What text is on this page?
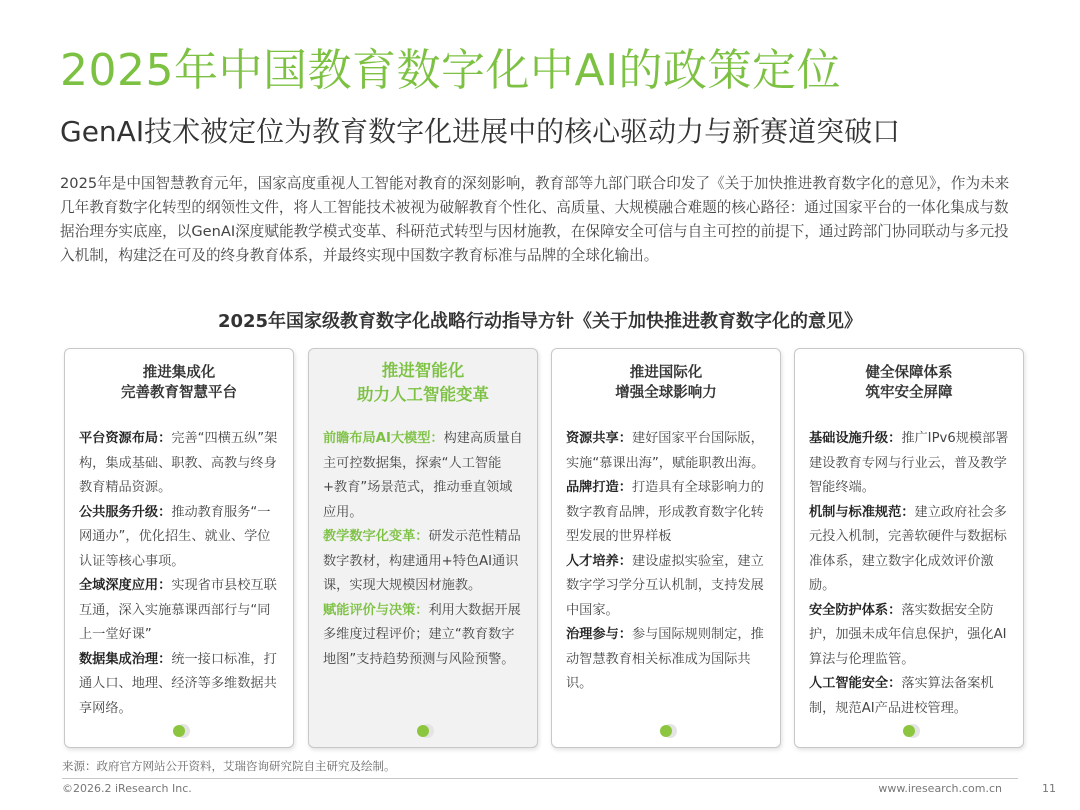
2025年中国教育数字化中AI的政策定位
GenAI技术被定位为教育数字化进展中的核心驱动力与新赛道突破口

2025年是中国智慧教育元年，国家高度重视人工智能对教育的深刻影响，教育部等九部门联合印发了《关于加快推进教育数字化的意见》，作为未来几年教育数字化转型的纲领性文件，将人工智能技术被视为破解教育个性化、高质量、大规模融合难题的核心路径：通过国家平台的一体化集成与数据治理夯实底座，以GenAI深度赋能教学模式变革、科研范式转型与因材施教，在保障安全可信与自主可控的前提下，通过跨部门协同联动与多元投入机制，构建泛在可及的终身教育体系，并最终实现中国数字教育标准与品牌的全球化输出。

2025年国家级教育数字化战略行动指导方针《关于加快推进教育数字化的意见》
推进集成化
完善教育智慧平台
平台资源布局：完善“四横五纵”架构，集成基础、职教、高教与终身教育精品资源。
公共服务升级：推动教育服务“一网通办”，优化招生、就业、学位认证等核心事项。
全域深度应用：实现省市县校互联互通，深入实施慕课西部行与“同上一堂好课”
数据集成治理：统一接口标准，打通人口、地理、经济等多维数据共享网络。
推进智能化
助力人工智能变革
前瞻布局AI大模型：构建高质量自主可控数据集，探索“人工智能+教育”场景范式，推动垂直领域应用。
教学数字化变革：研发示范性精品数字教材，构建通用+特色AI通识课，实现大规模因材施教。
赋能评价与决策：利用大数据开展多维度过程评价；建立“教育数字地图”支持趋势预测与风险预警。
推进国际化
增强全球影响力
资源共享：建好国家平台国际版，实施“慕课出海”，赋能职教出海。
品牌打造：打造具有全球影响力的数字教育品牌，形成教育数字化转型发展的世界样板
人才培养：建设虚拟实验室，建立数字学习学分互认机制，支持发展中国家。
治理参与：参与国际规则制定，推动智慧教育相关标准成为国际共识。
健全保障体系
筑牢安全屏障
基础设施升级：推广IPv6规模部署建设教育专网与行业云，普及教学智能终端。
机制与标准规范：建立政府社会多元投入机制，完善软硬件与数据标准体系，建立数字化成效评价激励。
安全防护体系：落实数据安全防护，加强未成年信息保护，强化AI算法与伦理监管。
人工智能安全：落实算法备案机制，规范AI产品进校管理。
来源：政府官方网站公开资料，艾瑞咨询研究院自主研究及绘制。
©2026.2 iResearch Inc.	www.iresearch.com.cn	11
